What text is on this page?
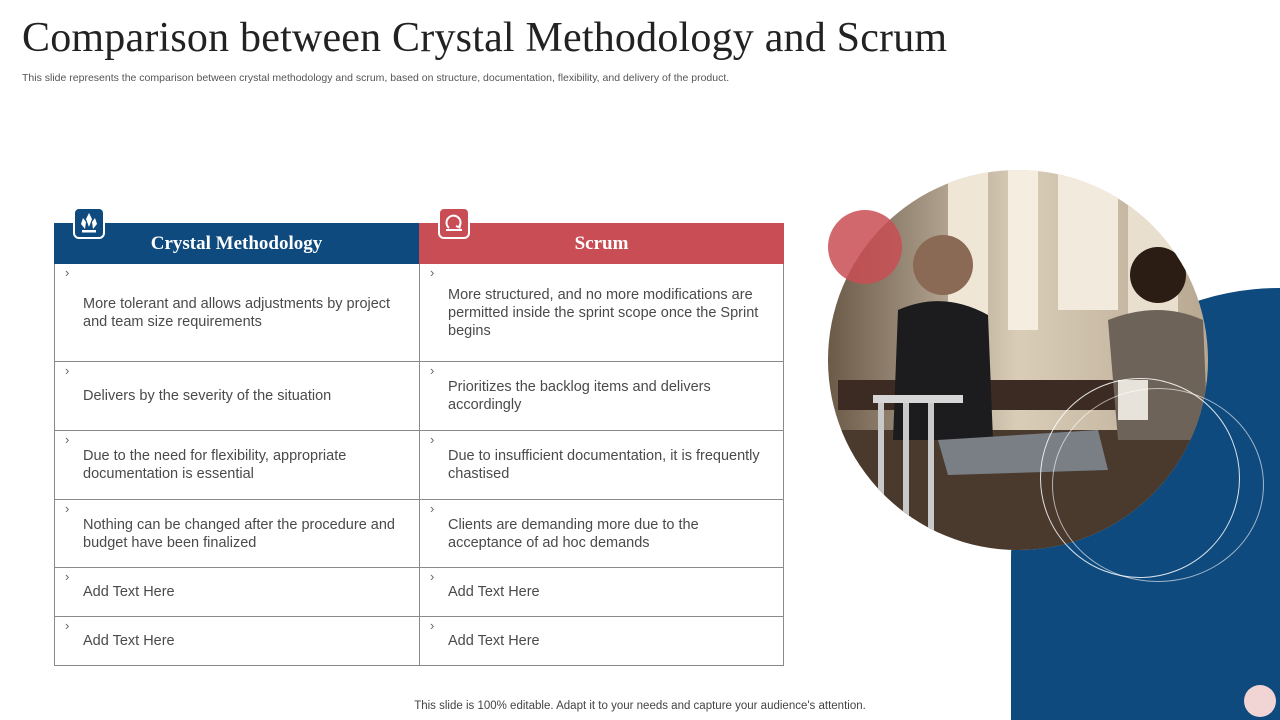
Comparison between Crystal Methodology and Scrum

This slide represents the comparison between crystal methodology and scrum, based on structure, documentation, flexibility, and delivery of the product.

Crystal Methodology	Scrum
›
More tolerant and allows adjustments by project and team size requirements
›
More structured, and no more modifications are permitted inside the sprint scope once the Sprint begins
›
Delivers by the severity of the situation
›
Prioritizes the backlog items and delivers accordingly
›
Due to the need for flexibility, appropriate documentation is essential
›
Due to insufficient documentation, it is frequently chastised
›
Nothing can be changed after the procedure and budget have been finalized
›
Clients are demanding more due to the acceptance of ad hoc demands
›
Add Text Here
›
Add Text Here
›
Add Text Here
›
Add Text Here

This slide is 100% editable. Adapt it to your needs and capture your audience's attention.
